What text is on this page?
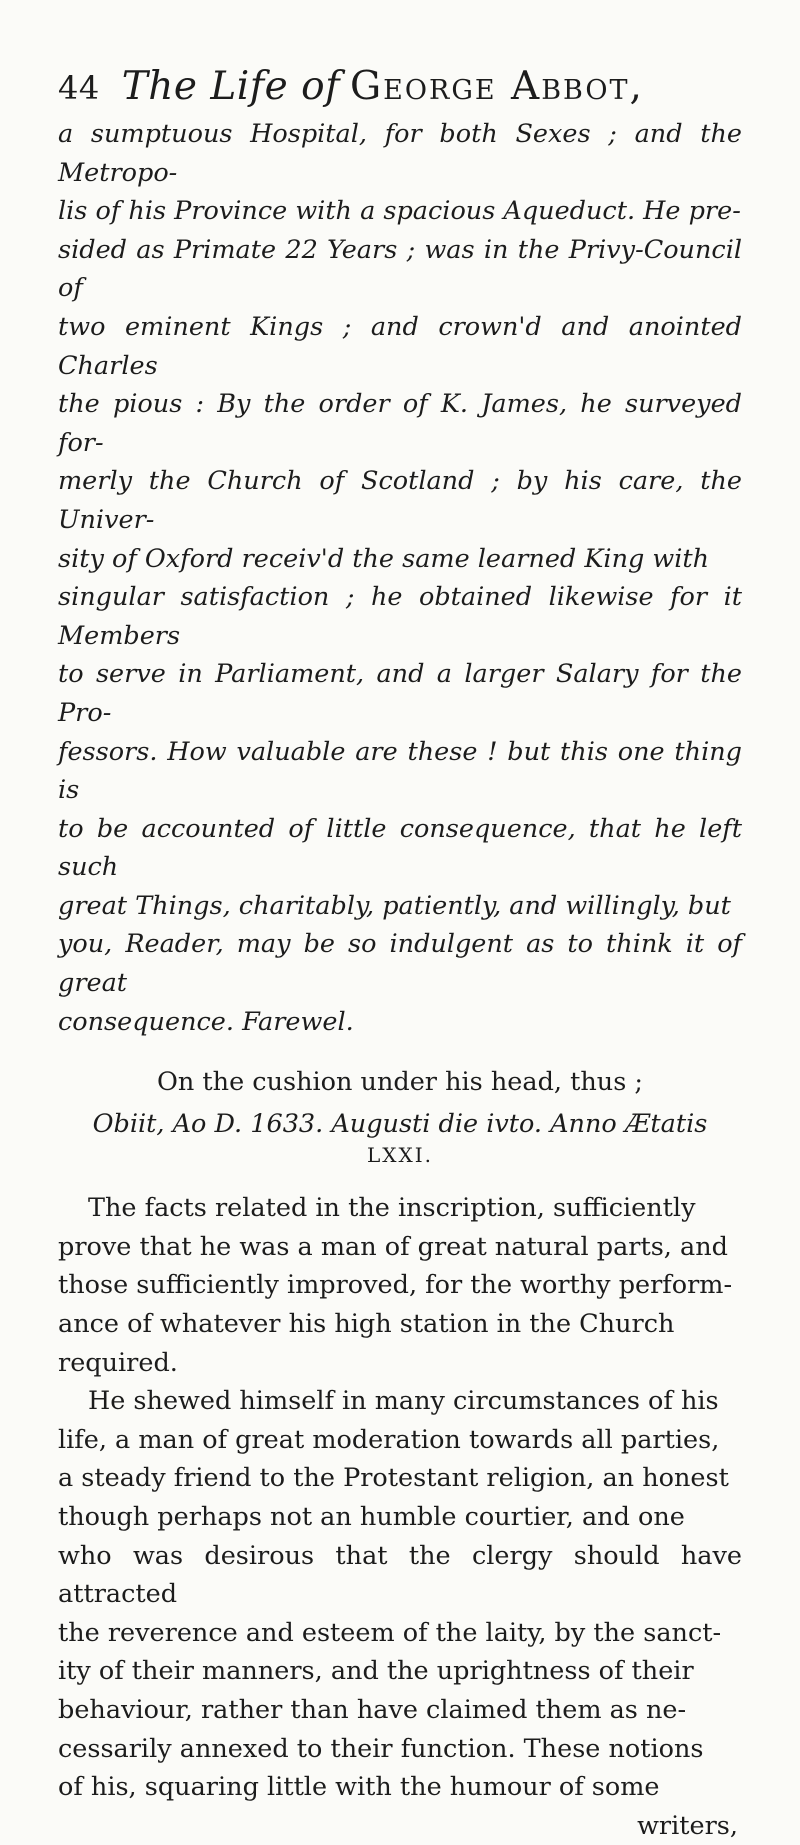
44 The Life of George Abbot,

a sumptuous Hospital, for both Sexes ; and the Metropo-

lis of his Province with a spacious Aqueduct. He pre-

sided as Primate 22 Years ; was in the Privy-Council of

two eminent Kings ; and crown'd and anointed Charles

the pious : By the order of K. James, he surveyed for-

merly the Church of Scotland ; by his care, the Univer-

sity of Oxford receiv'd the same learned King with

singular satisfaction ; he obtained likewise for it Members

to serve in Parliament, and a larger Salary for the Pro-

fessors. How valuable are these ! but this one thing is

to be accounted of little consequence, that he left such

great Things, charitably, patiently, and willingly, but

you, Reader, may be so indulgent as to think it of great

consequence. Farewel.

On the cushion under his head, thus ;

Obiit, Ao D. 1633. Augusti die ivto. Anno Ætatis

LXXI.

The facts related in the inscription, sufficiently

prove that he was a man of great natural parts, and

those sufficiently improved, for the worthy perform-

ance of whatever his high station in the Church

required.

He shewed himself in many circumstances of his

life, a man of great moderation towards all parties,

a steady friend to the Protestant religion, an honest

though perhaps not an humble courtier, and one

who was desirous that the clergy should have attracted

the reverence and esteem of the laity, by the sanct-

ity of their manners, and the uprightness of their

behaviour, rather than have claimed them as ne-

cessarily annexed to their function. These notions

of his, squaring little with the humour of some

writers,
